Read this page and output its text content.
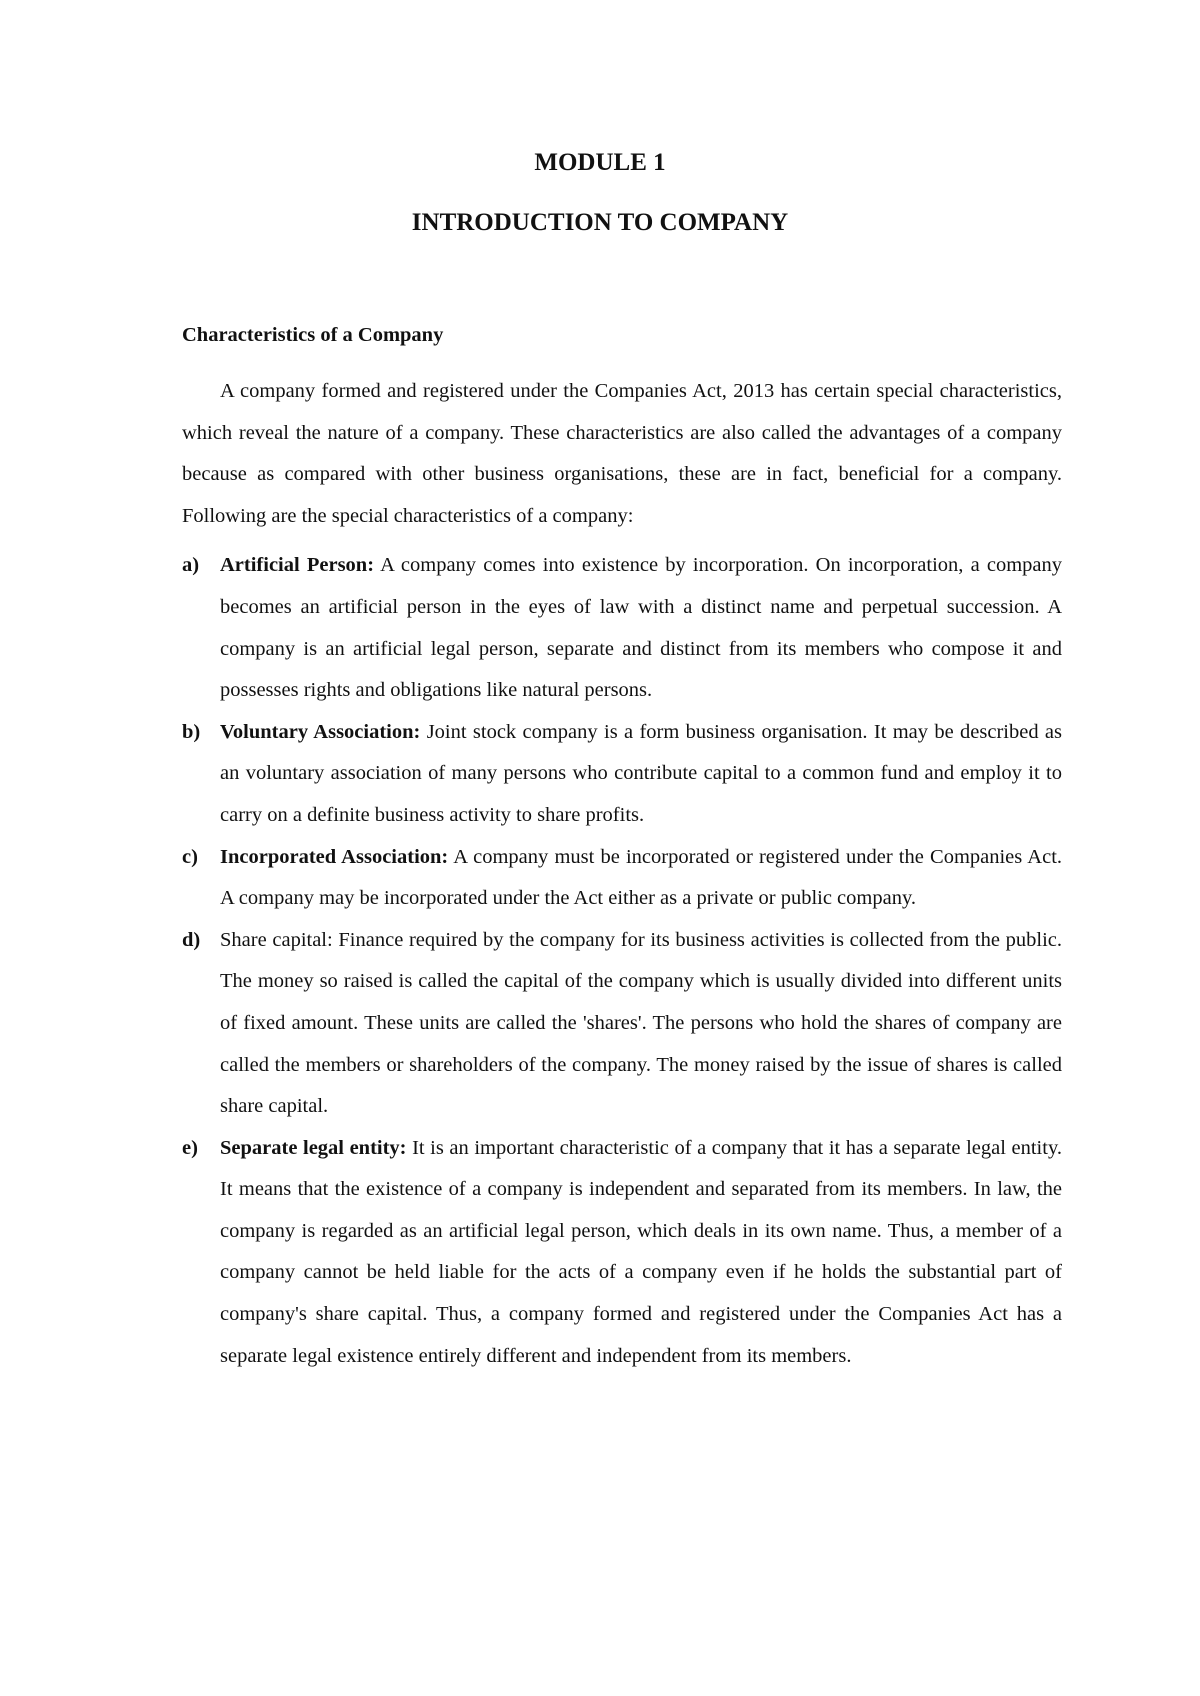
MODULE 1
INTRODUCTION TO COMPANY
Characteristics of a Company

A company formed and registered under the Companies Act, 2013 has certain special characteristics, which reveal the nature of a company. These characteristics are also called the advantages of a company because as compared with other business organisations, these are in fact, beneficial for a company. Following are the special characteristics of a company:

a) Artificial Person: A company comes into existence by incorporation. On incorporation, a company becomes an artificial person in the eyes of law with a distinct name and perpetual succession. A company is an artificial legal person, separate and distinct from its members who compose it and possesses rights and obligations like natural persons.
b) Voluntary Association: Joint stock company is a form business organisation. It may be described as an voluntary association of many persons who contribute capital to a common fund and employ it to carry on a definite business activity to share profits.
c) Incorporated Association: A company must be incorporated or registered under the Companies Act. A company may be incorporated under the Act either as a private or public company.
d) Share capital: Finance required by the company for its business activities is collected from the public. The money so raised is called the capital of the company which is usually divided into different units of fixed amount. These units are called the 'shares'. The persons who hold the shares of company are called the members or shareholders of the company. The money raised by the issue of shares is called share capital.
e) Separate legal entity: It is an important characteristic of a company that it has a separate legal entity. It means that the existence of a company is independent and separated from its members. In law, the company is regarded as an artificial legal person, which deals in its own name. Thus, a member of a company cannot be held liable for the acts of a company even if he holds the substantial part of company's share capital. Thus, a company formed and registered under the Companies Act has a separate legal existence entirely different and independent from its members.
